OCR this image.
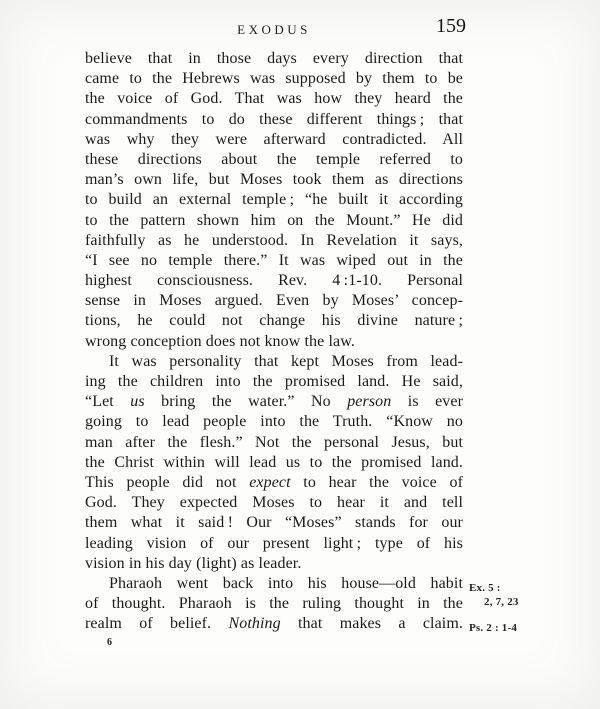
EXODUS	159
believe that in those days every direction that
came to the Hebrews was supposed by them to be
the voice of God. That was how they heard the
commandments to do these different things ; that
was why they were afterward contradicted. All
these directions about the temple referred to
man’s own life, but Moses took them as directions
to build an external temple ; “he built it according
to the pattern shown him on the Mount.” He did
faithfully as he understood. In Revelation it says,
“I see no temple there.” It was wiped out in the
highest consciousness. Rev. 4 :1-10. Personal
sense in Moses argued. Even by Moses’ concep-
tions, he could not change his divine nature ;
wrong conception does not know the law.
It was personality that kept Moses from lead-
ing the children into the promised land. He said,
“Let us bring the water.” No person is ever
going to lead people into the Truth. “Know no
man after the flesh.” Not the personal Jesus, but
the Christ within will lead us to the promised land.
This people did not expect to hear the voice of
God. They expected Moses to hear it and tell
them what it said ! Our “Moses” stands for our
leading vision of our present light ; type of his
vision in his day (light) as leader.
Pharaoh went back into his house—old habit
of thought. Pharaoh is the ruling thought in the
realm of belief. Nothing that makes a claim.
Ex. 5 :
2, 7, 23
Ps. 2 : 1-4
6
